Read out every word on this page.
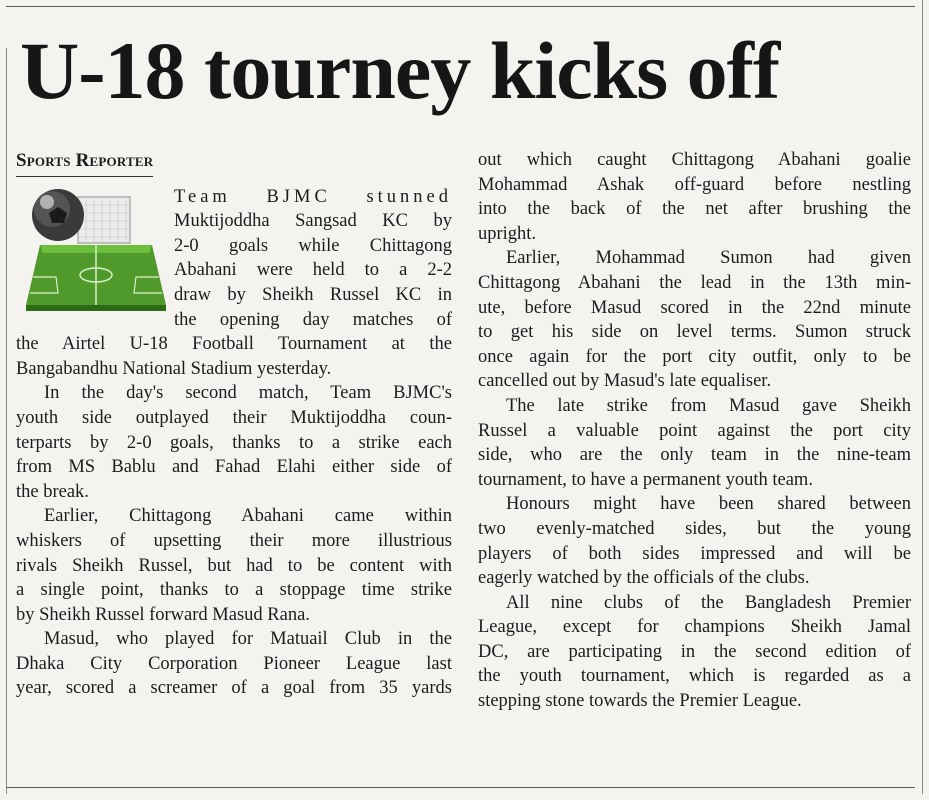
U-18 tourney kicks off
Sports Reporter

Team BJMC stunned

Muktijoddha Sangsad KC by

2-0 goals while Chittagong

Abahani were held to a 2-2

draw by Sheikh Russel KC in

the opening day matches of

the Airtel U-18 Football Tournament at the

Bangabandhu National Stadium yesterday.

In the day's second match, Team BJMC's

youth side outplayed their Muktijoddha coun-

terparts by 2-0 goals, thanks to a strike each

from MS Bablu and Fahad Elahi either side of

the break.

Earlier, Chittagong Abahani came within

whiskers of upsetting their more illustrious

rivals Sheikh Russel, but had to be content with

a single point, thanks to a stoppage time strike

by Sheikh Russel forward Masud Rana.

Masud, who played for Matuail Club in the

Dhaka City Corporation Pioneer League last

year, scored a screamer of a goal from 35 yards

out which caught Chittagong Abahani goalie

Mohammad Ashak off-guard before nestling

into the back of the net after brushing the

upright.

Earlier, Mohammad Sumon had given

Chittagong Abahani the lead in the 13th min-

ute, before Masud scored in the 22nd minute

to get his side on level terms. Sumon struck

once again for the port city outfit, only to be

cancelled out by Masud's late equaliser.

The late strike from Masud gave Sheikh

Russel a valuable point against the port city

side, who are the only team in the nine-team

tournament, to have a permanent youth team.

Honours might have been shared between

two evenly-matched sides, but the young

players of both sides impressed and will be

eagerly watched by the officials of the clubs.

All nine clubs of the Bangladesh Premier

League, except for champions Sheikh Jamal

DC, are participating in the second edition of

the youth tournament, which is regarded as a

stepping stone towards the Premier League.
